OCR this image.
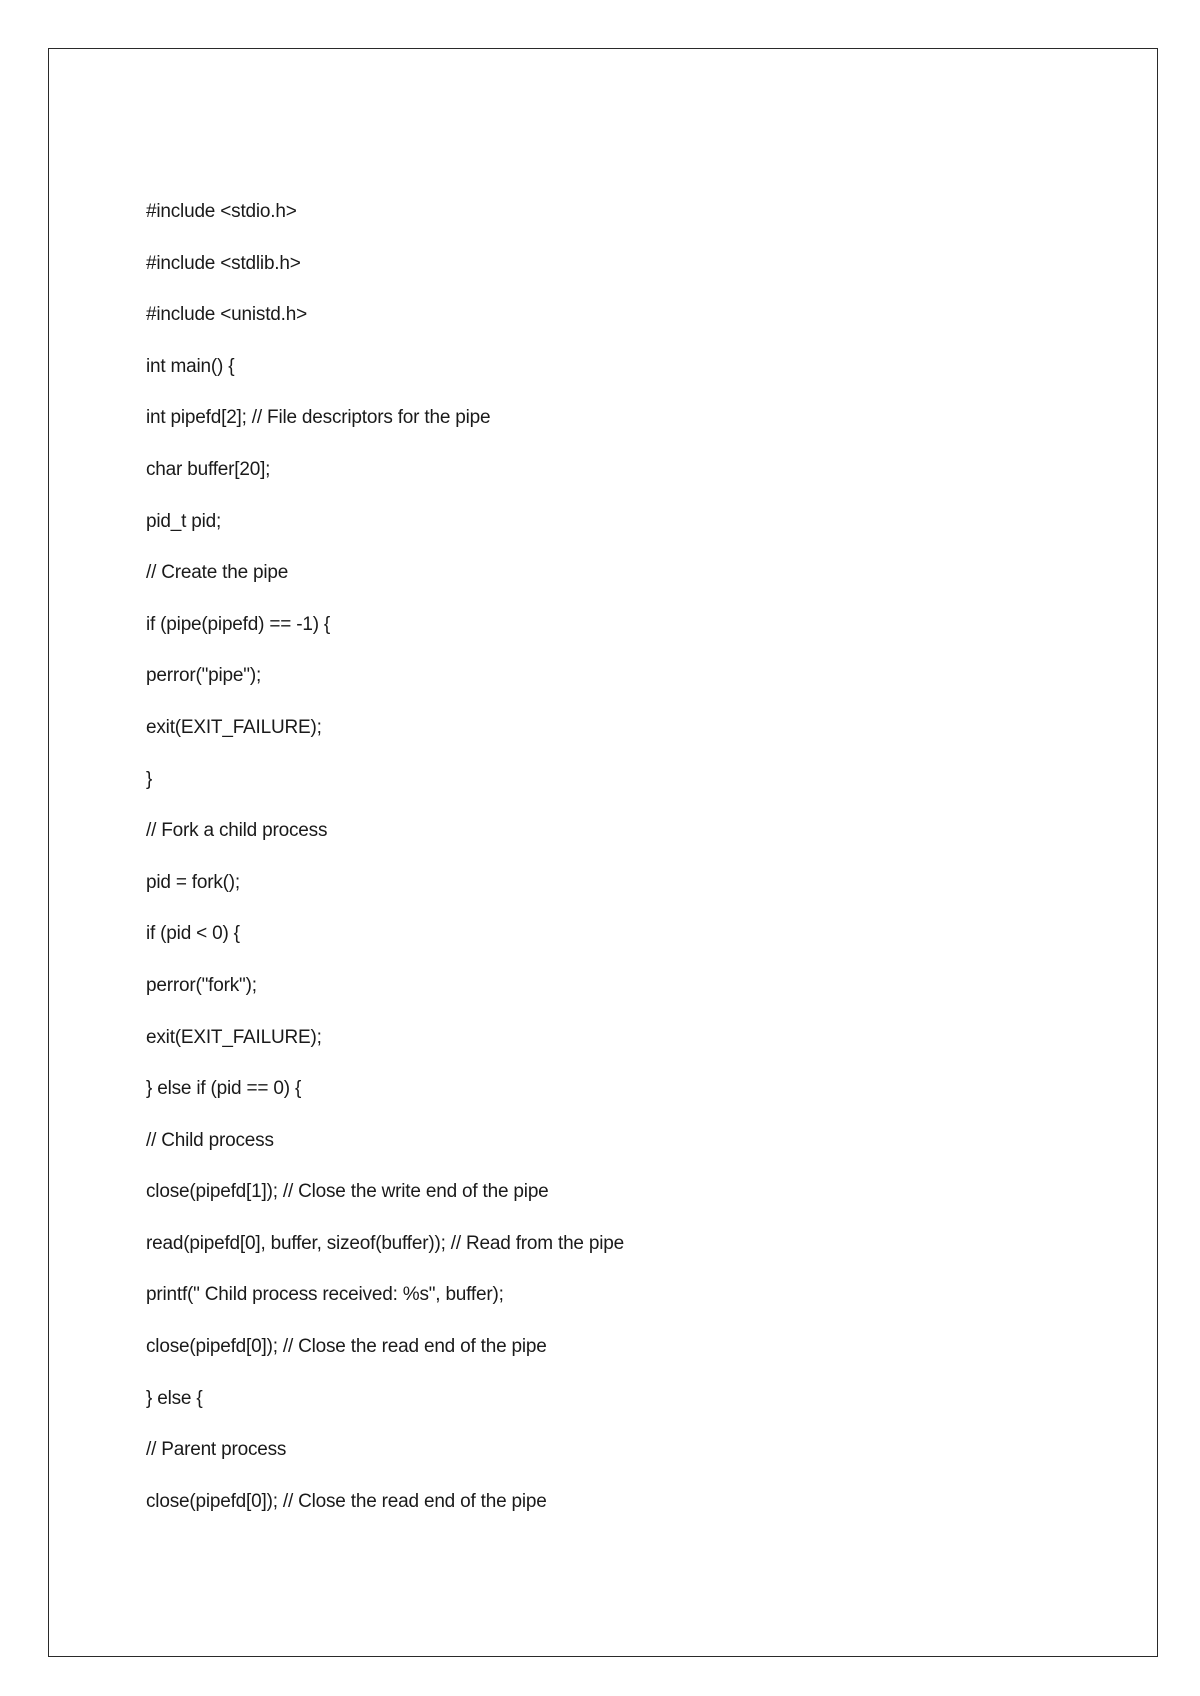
#include <stdio.h>
#include <stdlib.h>
#include <unistd.h>
int main() {
int pipefd[2]; // File descriptors for the pipe
char buffer[20];
pid_t pid;
// Create the pipe
if (pipe(pipefd) == -1) {
perror("pipe");
exit(EXIT_FAILURE);
}
// Fork a child process
pid = fork();
if (pid < 0) {
perror("fork");
exit(EXIT_FAILURE);
} else if (pid == 0) {
// Child process
close(pipefd[1]); // Close the write end of the pipe
read(pipefd[0], buffer, sizeof(buffer)); // Read from the pipe
printf(" Child process received: %s", buffer);
close(pipefd[0]); // Close the read end of the pipe
} else {
// Parent process
close(pipefd[0]); // Close the read end of the pipe
